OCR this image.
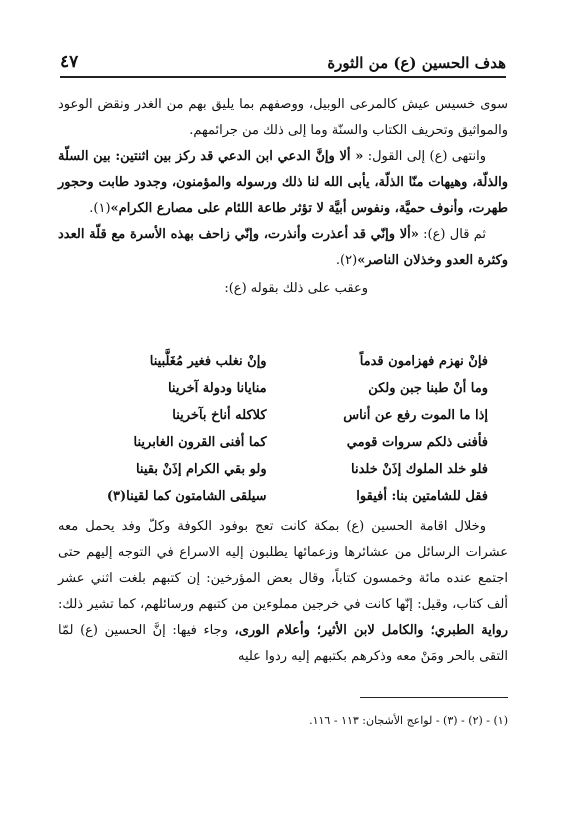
هدف الحسين (ع) من الثورة
٤٧

سوى خسيس عيش كالمرعى الوبيل، ووصفهم بما يليق بهم من الغدر ونقض الوعود والمواثيق وتحريف الكتاب والسنّة وما إلى ذلك من جرائمهم.

وانتهى (ع) إلى القول: « ألا وإنَّ الدعي ابن الدعي قد ركز بين اثنتين: بين السلّة والذلّة، وهيهات منّا الذلّة، يأبى الله لنا ذلك ورسوله والمؤمنون، وجدود طابت وحجور طهرت، وأنوف حميَّة، ونفوس أبيَّة لا تؤثر طاعة اللئام على مصارع الكرام»(١).

ثم قال (ع): «ألا وإنّي قد أعذرت وأنذرت، وإنّي زاحف بهذه الأسرة مع قلّة العدد وكثرة العدو وخذلان الناصر»(٢).

وعقب على ذلك بقوله (ع):

فإنْ نهزم فهزامون قدماً
وإنْ نغلب فغير مُغَلَّبينا
وما أنْ طبنا جبن ولكن
منايانا ودولة آخرينا
إذا ما الموت رفع عن أناس
كلاكله أناخ بآخرينا
فأفنى ذلكم سروات قومي
كما أفنى القرون الغابرينا
فلو خلد الملوك إذَنْ خلدنا
ولو بقي الكرام إذَنْ بقينا
فقل للشامتين بنا: أفيقوا
سيلقى الشامتون كما لقينا(٣)

وخلال اقامة الحسين (ع) بمكة كانت تعج بوفود الكوفة وكلّ وفد يحمل معه عشرات الرسائل من عشائرها وزعمائها يطلبون إليه الاسراع في التوجه إليهم حتى اجتمع عنده مائة وخمسون كتاباً، وقال بعض المؤرخين: إن كتبهم بلغت اثني عشر ألف كتاب، وقيل: إنّها كانت في خرجين مملوءين من كتبهم ورسائلهم، كما تشير ذلك: رواية الطبري؛ والكامل لابن الأثير؛ وأعلام الورى، وجاء فيها: إنَّ الحسين (ع) لمّا التقى بالحر ومَنْ معه وذكرهم بكتبهم إليه ردوا عليه

(١) - (٢) - (٣) - لواعج الأشجان: ١١٣ - ١١٦.
